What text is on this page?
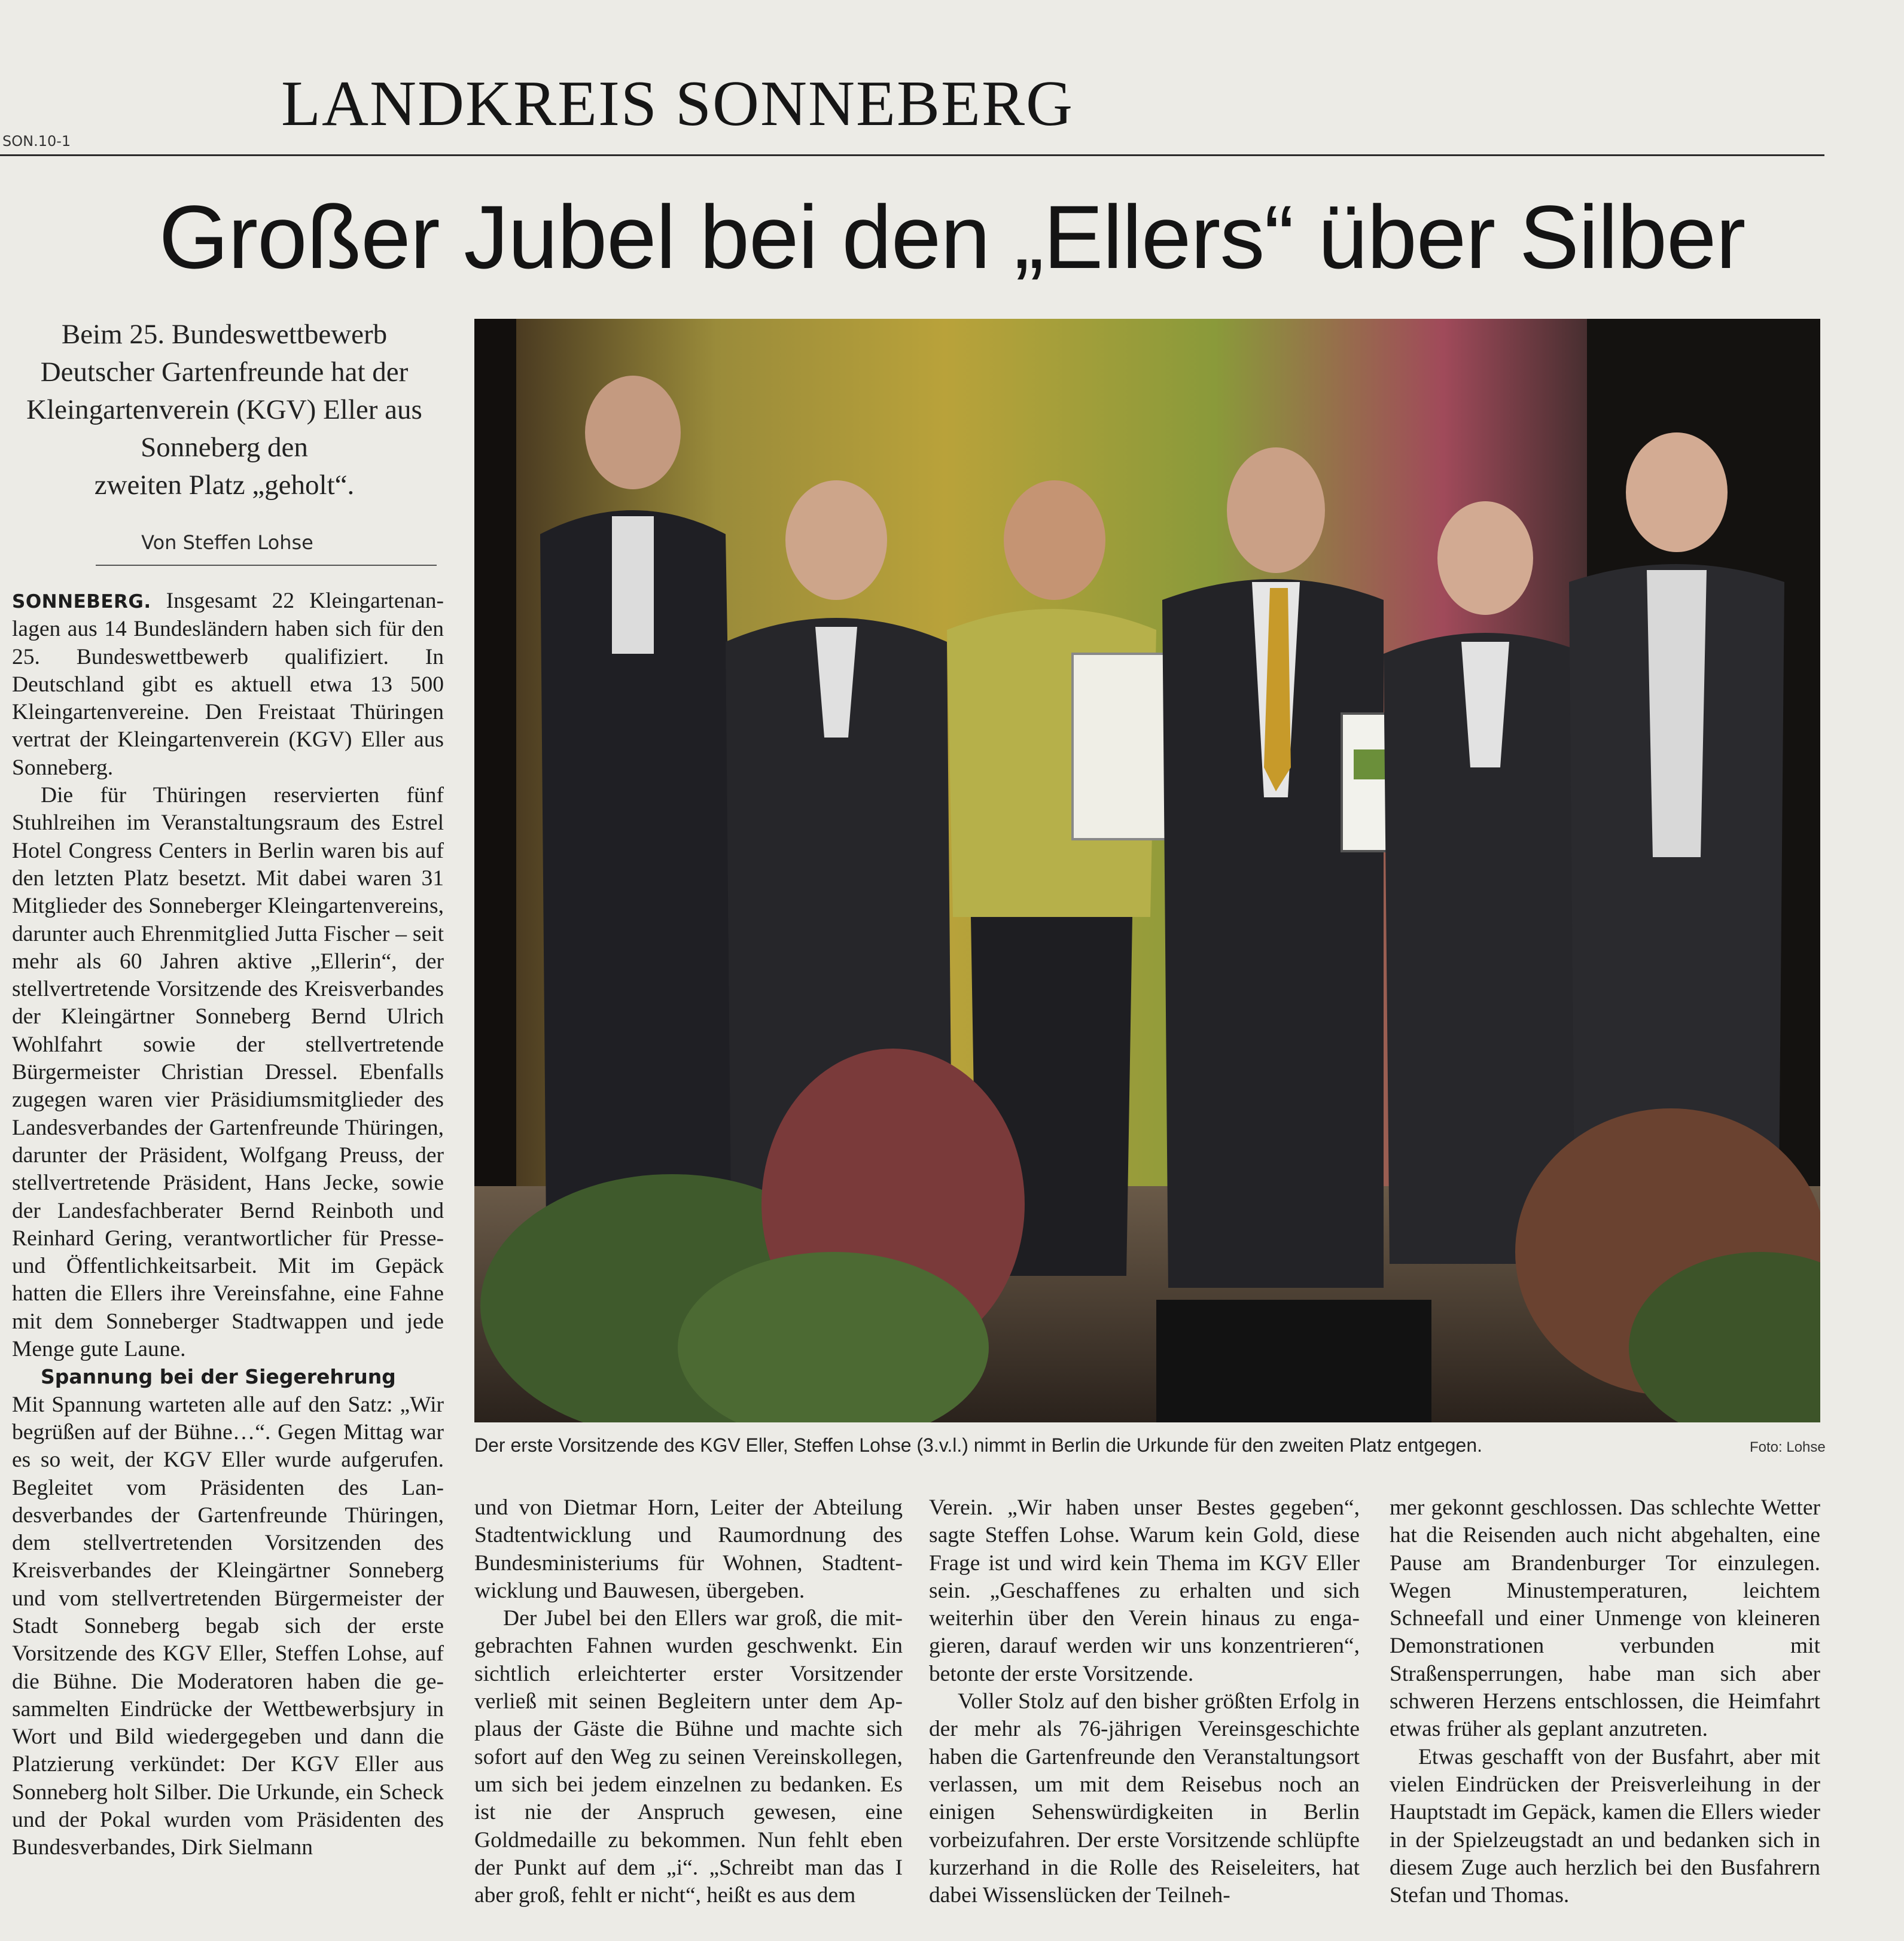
SON.10-1
LANDKREIS SONNEBERG
Großer Jubel bei den „Ellers“ über Silber
Beim 25. Bundeswettbewerb
Deutscher Gartenfreunde hat der
Kleingartenverein (KGV) Eller aus
Sonneberg den
zweiten Platz „geholt“.
Von Steffen Lohse

SONNEBERG. Insgesamt 22 Kleingartenanlagen aus 14 Bundesländern haben sich für den 25. Bundeswettbewerb qualifiziert. In Deutschland gibt es aktuell etwa 13 500 Kleingartenvereine. Den Freistaat Thüringen vertrat der Kleingartenverein (KGV) Eller aus Sonneberg.

Die für Thüringen reservierten fünf Stuhlreihen im Veranstaltungsraum des Estrel Hotel Congress Centers in Berlin waren bis auf den letzten Platz besetzt. Mit dabei waren 31 Mitglieder des Sonneberger Kleingartenvereins, darunter auch Ehrenmitglied Jutta Fischer – seit mehr als 60 Jahren aktive „Ellerin“, der stellvertretende Vorsitzende des Kreisverbandes der Kleingärtner Sonneberg Bernd Ulrich Wohlfahrt sowie der stellvertretende Bürgermeister Christian Dressel. Ebenfalls zugegen waren vier Präsidiumsmitglieder des Landesverbandes der Gartenfreunde Thüringen, darunter der Präsident, Wolfgang Preuss, der stellvertretende Präsident, Hans Jecke, sowie der Landesfachberater Bernd Reinboth und Reinhard Gering, verantwortlicher für Presse- und Öffentlichkeitsarbeit. Mit im Gepäck hatten die Ellers ihre Vereinsfahne, eine Fahne mit dem Sonneberger Stadtwappen und jede Menge gute Laune.

Spannung bei der Siegerehrung

Mit Spannung warteten alle auf den Satz: „Wir begrüßen auf der Bühne…“. Gegen Mittag war es so weit, der KGV Eller wurde aufgerufen. Begleitet vom Präsidenten des Landesverbandes der Gartenfreunde Thüringen, dem stellvertretenden Vorsitzenden des Kreisverbandes der Kleingärtner Sonneberg und vom stellvertretenden Bürgermeister der Stadt Sonneberg begab sich der erste Vorsitzende des KGV Eller, Steffen Lohse, auf die Bühne. Die Moderatoren haben die gesammelten Eindrücke der Wettbewerbsjury in Wort und Bild wiedergegeben und dann die Platzierung verkündet: Der KGV Eller aus Sonneberg holt Silber. Die Urkunde, ein Scheck und der Pokal wurden vom Präsidenten des Bundesverbandes, Dirk Sielmann

Der erste Vorsitzende des KGV Eller, Steffen Lohse (3.v.l.) nimmt in Berlin die Urkunde für den zweiten Platz entgegen.	Foto: Lohse

und von Dietmar Horn, Leiter der Abteilung Stadtentwicklung und Raumordnung des Bundesministeriums für Wohnen, Stadtentwicklung und Bauwesen, übergeben.

Der Jubel bei den Ellers war groß, die mitgebrachten Fahnen wurden geschwenkt. Ein sichtlich erleichterter erster Vorsitzender verließ mit seinen Begleitern unter dem Applaus der Gäste die Bühne und machte sich sofort auf den Weg zu seinen Vereinskollegen, um sich bei jedem einzelnen zu bedanken. Es ist nie der Anspruch gewesen, eine Goldmedaille zu bekommen. Nun fehlt eben der Punkt auf dem „i“. „Schreibt man das I aber groß, fehlt er nicht“, heißt es aus dem

Verein. „Wir haben unser Bestes gegeben“, sagte Steffen Lohse. Warum kein Gold, diese Frage ist und wird kein Thema im KGV Eller sein. „Geschaffenes zu erhalten und sich weiterhin über den Verein hinaus zu engagieren, darauf werden wir uns konzentrieren“, betonte der erste Vorsitzende.

Voller Stolz auf den bisher größten Erfolg in der mehr als 76-jährigen Vereinsgeschichte haben die Gartenfreunde den Veranstaltungsort verlassen, um mit dem Reisebus noch an einigen Sehenswürdigkeiten in Berlin vorbeizufahren. Der erste Vorsitzende schlüpfte kurzerhand in die Rolle des Reiseleiters, hat dabei Wissenslücken der Teilneh-

mer gekonnt geschlossen. Das schlechte Wetter hat die Reisenden auch nicht abgehalten, eine Pause am Brandenburger Tor einzulegen. Wegen Minustemperaturen, leichtem Schneefall und einer Unmenge von kleineren Demonstrationen verbunden mit Straßensperrungen, habe man sich aber schweren Herzens entschlossen, die Heimfahrt etwas früher als geplant anzutreten.

Etwas geschafft von der Busfahrt, aber mit vielen Eindrücken der Preisverleihung in der Hauptstadt im Gepäck, kamen die Ellers wieder in der Spielzeugstadt an und bedanken sich in diesem Zuge auch herzlich bei den Busfahrern Stefan und Thomas.
